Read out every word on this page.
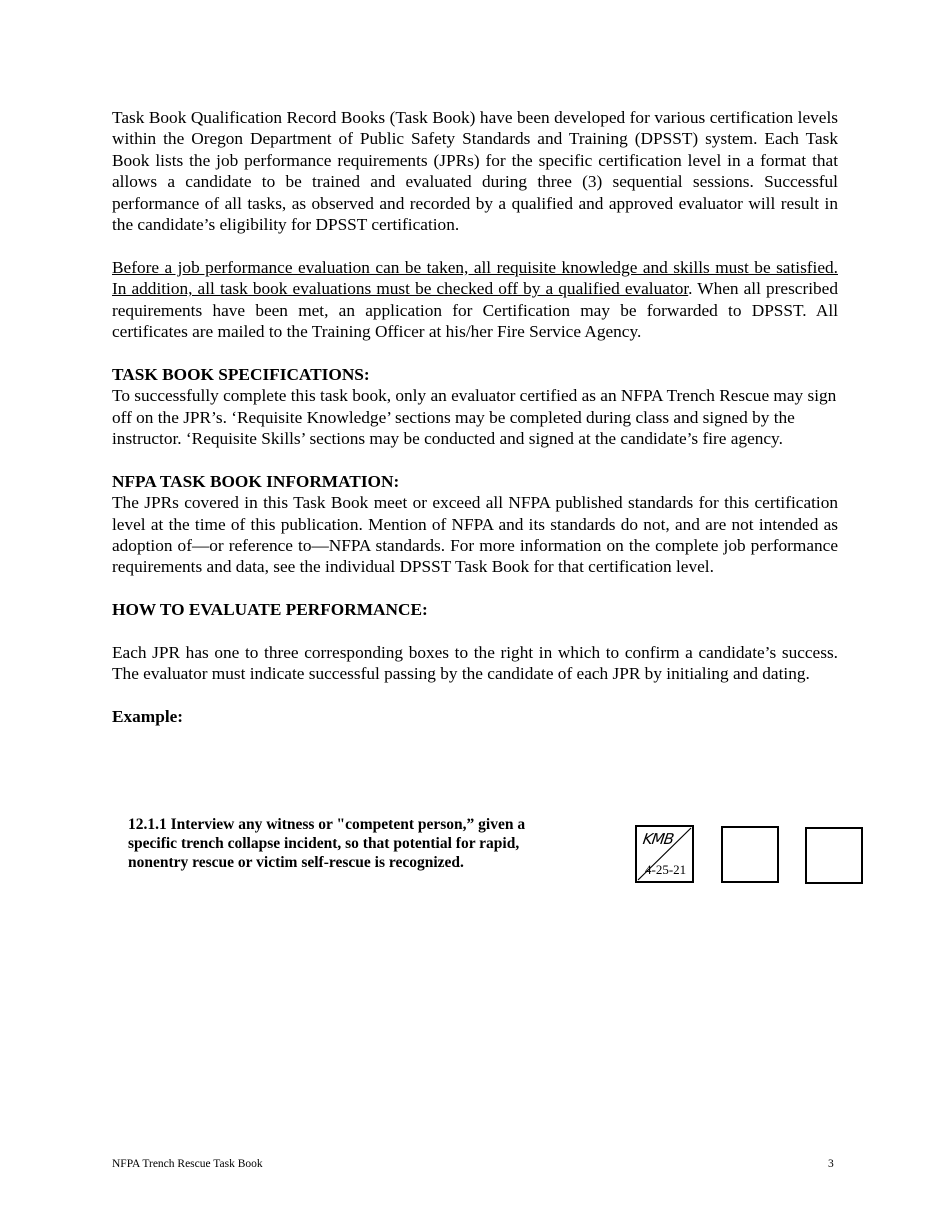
Task Book Qualification Record Books (Task Book) have been developed for various certification levels within the Oregon Department of Public Safety Standards and Training (DPSST) system. Each Task Book lists the job performance requirements (JPRs) for the specific certification level in a format that allows a candidate to be trained and evaluated during three (3) sequential sessions. Successful performance of all tasks, as observed and recorded by a qualified and approved evaluator will result in the candidate’s eligibility for DPSST certification.

Before a job performance evaluation can be taken, all requisite knowledge and skills must be satisfied. In addition, all task book evaluations must be checked off by a qualified evaluator. When all prescribed requirements have been met, an application for Certification may be forwarded to DPSST. All certificates are mailed to the Training Officer at his/her Fire Service Agency.

TASK BOOK SPECIFICATIONS:

To successfully complete this task book, only an evaluator certified as an NFPA Trench Rescue may sign off on the JPR’s. ‘Requisite Knowledge’ sections may be completed during class and signed by the instructor. ‘Requisite Skills’ sections may be conducted and signed at the candidate’s fire agency.

NFPA TASK BOOK INFORMATION:

The JPRs covered in this Task Book meet or exceed all NFPA published standards for this certification level at the time of this publication. Mention of NFPA and its standards do not, and are not intended as adoption of—or reference to—NFPA standards. For more information on the complete job performance requirements and data, see the individual DPSST Task Book for that certification level.

HOW TO EVALUATE PERFORMANCE:

Each JPR has one to three corresponding boxes to the right in which to confirm a candidate’s success. The evaluator must indicate successful passing by the candidate of each JPR by initialing and dating.

Example:

12.1.1 Interview any witness or "competent person,” given a specific trench collapse incident, so that potential for rapid, nonentry rescue or victim self-rescue is recognized.
KMB
4-25-21
NFPA Trench Rescue Task Book	3
